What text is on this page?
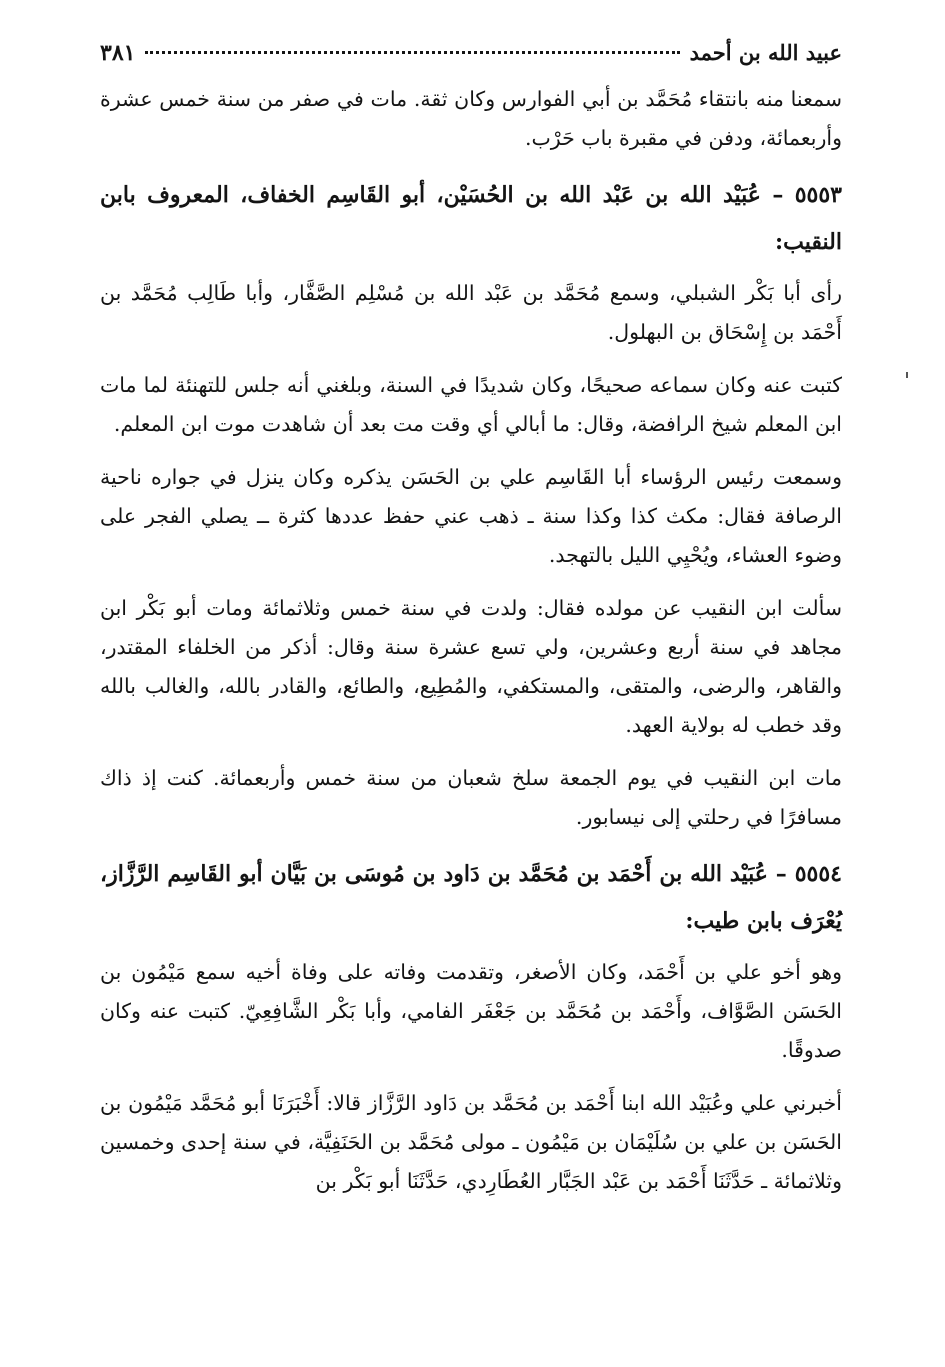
عبيد الله بن أحمد
٣٨١

سمعنا منه بانتقاء مُحَمَّد بن أبي الفوارس وكان ثقة. مات في صفر من سنة خمس عشرة وأربعمائة، ودفن في مقبرة باب حَرْب.

٥٥٥٣ – عُبَيْد الله بن عَبْد الله بن الحُسَيْن، أبو القَاسِم الخفاف، المعروف بابن النقيب:

رأى أبا بَكْر الشبلي، وسمع مُحَمَّد بن عَبْد الله بن مُسْلِم الصَّفَّار، وأبا طَالِب مُحَمَّد بن أَحْمَد بن إِسْحَاق بن البهلول.

كتبت عنه وكان سماعه صحيحًا، وكان شديدًا في السنة، وبلغني أنه جلس للتهنئة لما مات ابن المعلم شيخ الرافضة، وقال: ما أبالي أي وقت مت بعد أن شاهدت موت ابن المعلم.

وسمعت رئيس الرؤساء أبا القَاسِم علي بن الحَسَن يذكره وكان ينزل في جواره ناحية الرصافة فقال: مكث كذا وكذا سنة ـ ذهب عني حفظ عددها كثرة ــ يصلي الفجر على وضوء العشاء، ويُحْيِي الليل بالتهجد.

سألت ابن النقيب عن مولده فقال: ولدت في سنة خمس وثلاثمائة ومات أبو بَكْر ابن مجاهد في سنة أربع وعشرين، ولي تسع عشرة سنة وقال: أذكر من الخلفاء المقتدر، والقاهر، والرضى، والمتقى، والمستكفي، والمُطِيع، والطائع، والقادر بالله، والغالب بالله وقد خطب له بولاية العهد.

مات ابن النقيب في يوم الجمعة سلخ شعبان من سنة خمس وأربعمائة. كنت إذ ذاك مسافرًا في رحلتي إلى نيسابور.

٥٥٥٤ – عُبَيْد الله بن أَحْمَد بن مُحَمَّد بن دَاود بن مُوسَى بن بَيَّان أبو القَاسِم الرَّزَّاز، يُعْرَف بابن طيب:

وهو أخو علي بن أَحْمَد، وكان الأصغر، وتقدمت وفاته على وفاة أخيه سمع مَيْمُون بن الحَسَن الصَّوَّاف، وأَحْمَد بن مُحَمَّد بن جَعْفَر الفامي، وأبا بَكْر الشَّافِعِيّ. كتبت عنه وكان صدوقًا.

أخبرني علي وعُبَيْد الله ابنا أَحْمَد بن مُحَمَّد بن دَاود الرَّزَّاز قالا: أَخْبَرَنَا أبو مُحَمَّد مَيْمُون بن الحَسَن بن علي بن سُلَيْمَان بن مَيْمُون ـ مولى مُحَمَّد بن الحَنَفِيَّة، في سنة إحدى وخمسين وثلاثمائة ـ حَدَّثَنَا أَحْمَد بن عَبْد الجَبَّار العُطَارِدي، حَدَّثَنَا أبو بَكْر بن
